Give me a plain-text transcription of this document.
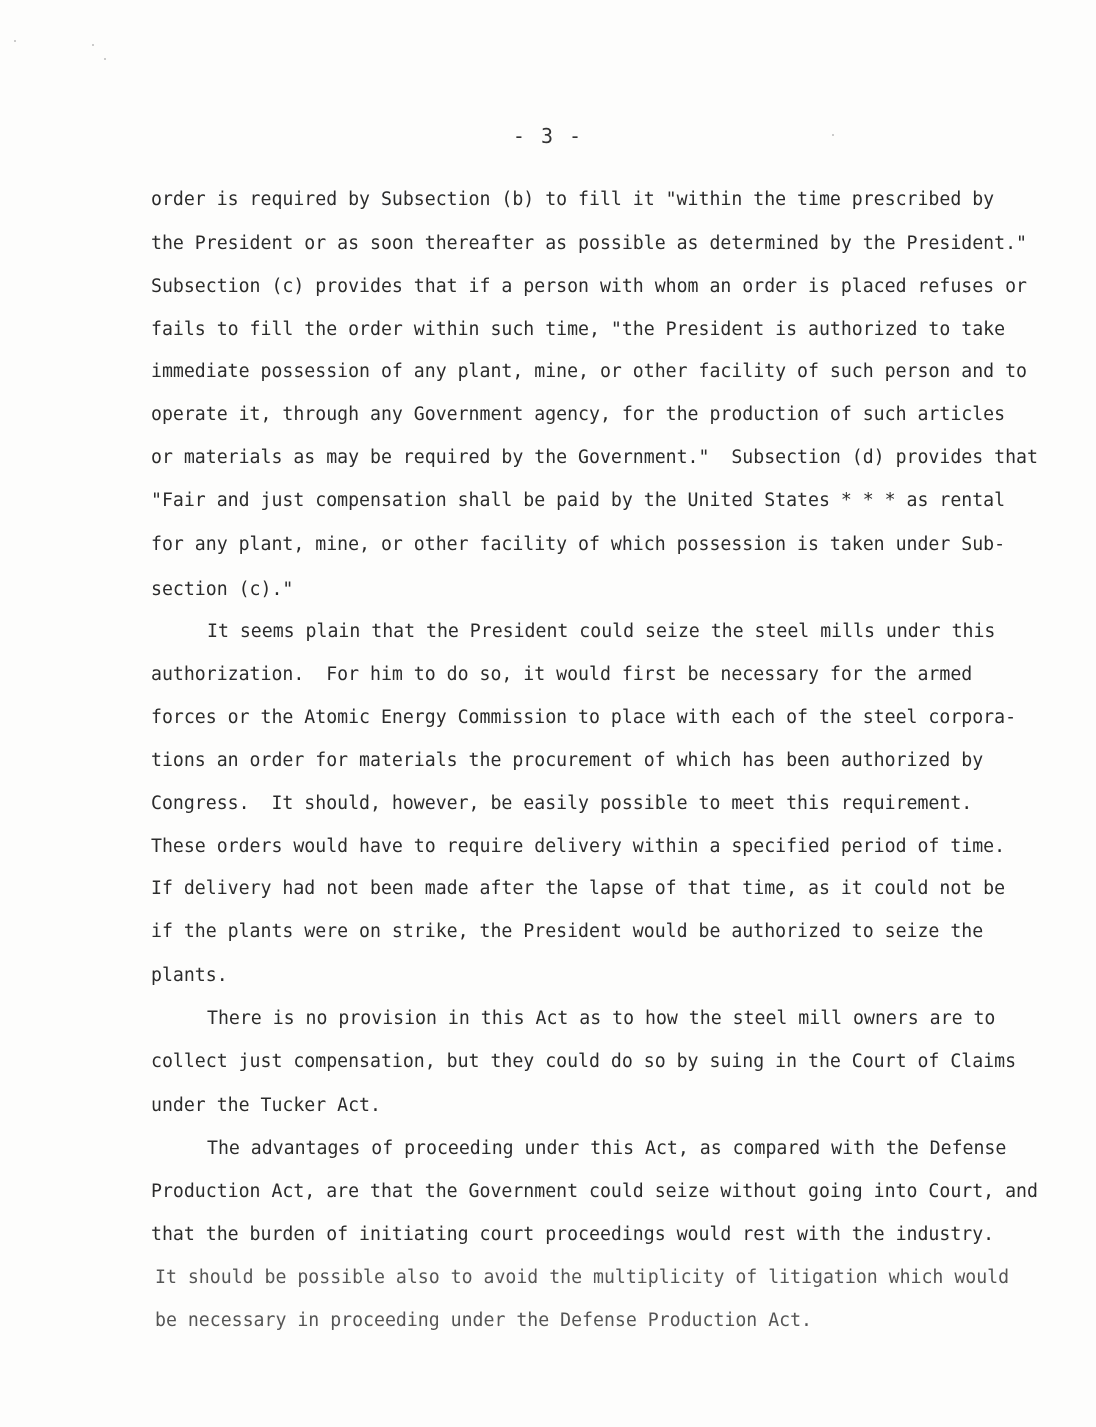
- 3 -
order is required by Subsection (b) to fill it "within the time prescribed by
the President or as soon thereafter as possible as determined by the President."
Subsection (c) provides that if a person with whom an order is placed refuses or
fails to fill the order within such time, "the President is authorized to take
immediate possession of any plant, mine, or other facility of such person and to
operate it, through any Government agency, for the production of such articles
or materials as may be required by the Government."  Subsection (d) provides that
"Fair and just compensation shall be paid by the United States * * * as rental
for any plant, mine, or other facility of which possession is taken under Sub-
section (c)."
It seems plain that the President could seize the steel mills under this
authorization.  For him to do so, it would first be necessary for the armed
forces or the Atomic Energy Commission to place with each of the steel corpora-
tions an order for materials the procurement of which has been authorized by
Congress.  It should, however, be easily possible to meet this requirement.
These orders would have to require delivery within a specified period of time.
If delivery had not been made after the lapse of that time, as it could not be
if the plants were on strike, the President would be authorized to seize the
plants.
There is no provision in this Act as to how the steel mill owners are to
collect just compensation, but they could do so by suing in the Court of Claims
under the Tucker Act.
The advantages of proceeding under this Act, as compared with the Defense
Production Act, are that the Government could seize without going into Court, and
that the burden of initiating court proceedings would rest with the industry.
It should be possible also to avoid the multiplicity of litigation which would
be necessary in proceeding under the Defense Production Act.
